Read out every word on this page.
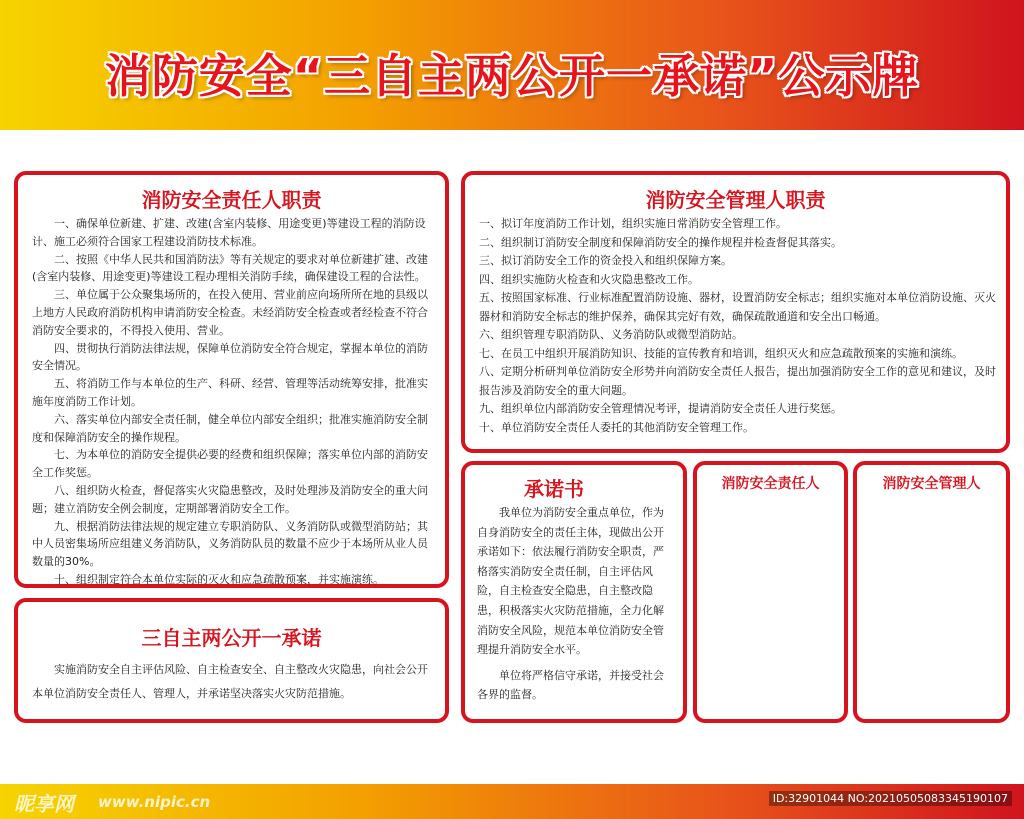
消防安全“三自主两公开一承诺”公示牌
消防安全责任人职责

一、确保单位新建、扩建、改建(含室内装修、用途变更)等建设工程的消防设计、施工必须符合国家工程建设消防技术标准。

二、按照《中华人民共和国消防法》等有关规定的要求对单位新建扩建、改建(含室内装修、用途变更)等建设工程办理相关消防手续，确保建设工程的合法性。

三、单位属于公众聚集场所的，在投入使用、营业前应向场所所在地的县级以上地方人民政府消防机构申请消防安全检查。未经消防安全检查或者经检查不符合消防安全要求的，不得投入使用、营业。

四、贯彻执行消防法律法规，保障单位消防安全符合规定，掌握本单位的消防安全情况。

五、将消防工作与本单位的生产、科研、经营、管理等活动统筹安排，批准实施年度消防工作计划。

六、落实单位内部安全责任制，健全单位内部安全组织；批准实施消防安全制度和保障消防安全的操作规程。

七、为本单位的消防安全提供必要的经费和组织保障；落实单位内部的消防安全工作奖惩。

八、组织防火检查，督促落实火灾隐患整改，及时处理涉及消防安全的重大问题；建立消防安全例会制度，定期部署消防安全工作。

九、根据消防法律法规的规定建立专职消防队、义务消防队或微型消防站；其中人员密集场所应组建义务消防队，义务消防队员的数量不应少于本场所从业人员数量的30%。

十、组织制定符合本单位实际的灭火和应急疏散预案，并实施演练。

三自主两公开一承诺

实施消防安全自主评估风险、自主检查安全、自主整改火灾隐患，向社会公开本单位消防安全责任人、管理人，并承诺坚决落实火灾防范措施。

消防安全管理人职责

一、拟订年度消防工作计划，组织实施日常消防安全管理工作。

二、组织制订消防安全制度和保障消防安全的操作规程并检查督促其落实。

三、拟订消防安全工作的资金投入和组织保障方案。

四、组织实施防火检查和火灾隐患整改工作。

五、按照国家标准、行业标准配置消防设施、器材，设置消防安全标志；组织实施对本单位消防设施、灭火器材和消防安全标志的维护保养，确保其完好有效，确保疏散通道和安全出口畅通。

六、组织管理专职消防队、义务消防队或微型消防站。

七、在员工中组织开展消防知识、技能的宣传教育和培训，组织灭火和应急疏散预案的实施和演练。

八、定期分析研判单位消防安全形势并向消防安全责任人报告，提出加强消防安全工作的意见和建议，及时报告涉及消防安全的重大问题。

九、组织单位内部消防安全管理情况考评，提请消防安全责任人进行奖惩。

十、单位消防安全责任人委托的其他消防安全管理工作。

承诺书

我单位为消防安全重点单位，作为自身消防安全的责任主体，现做出公开承诺如下：依法履行消防安全职责，严格落实消防安全责任制，自主评估风险，自主检查安全隐患，自主整改隐患，积极落实火灾防范措施，全力化解消防安全风险，规范本单位消防安全管理提升消防安全水平。

单位将严格信守承诺，并接受社会各界的监督。

消防安全责任人	消防安全管理人
昵享网 www.nipic.cn	ID:32901044 NO:20210505083345190107
